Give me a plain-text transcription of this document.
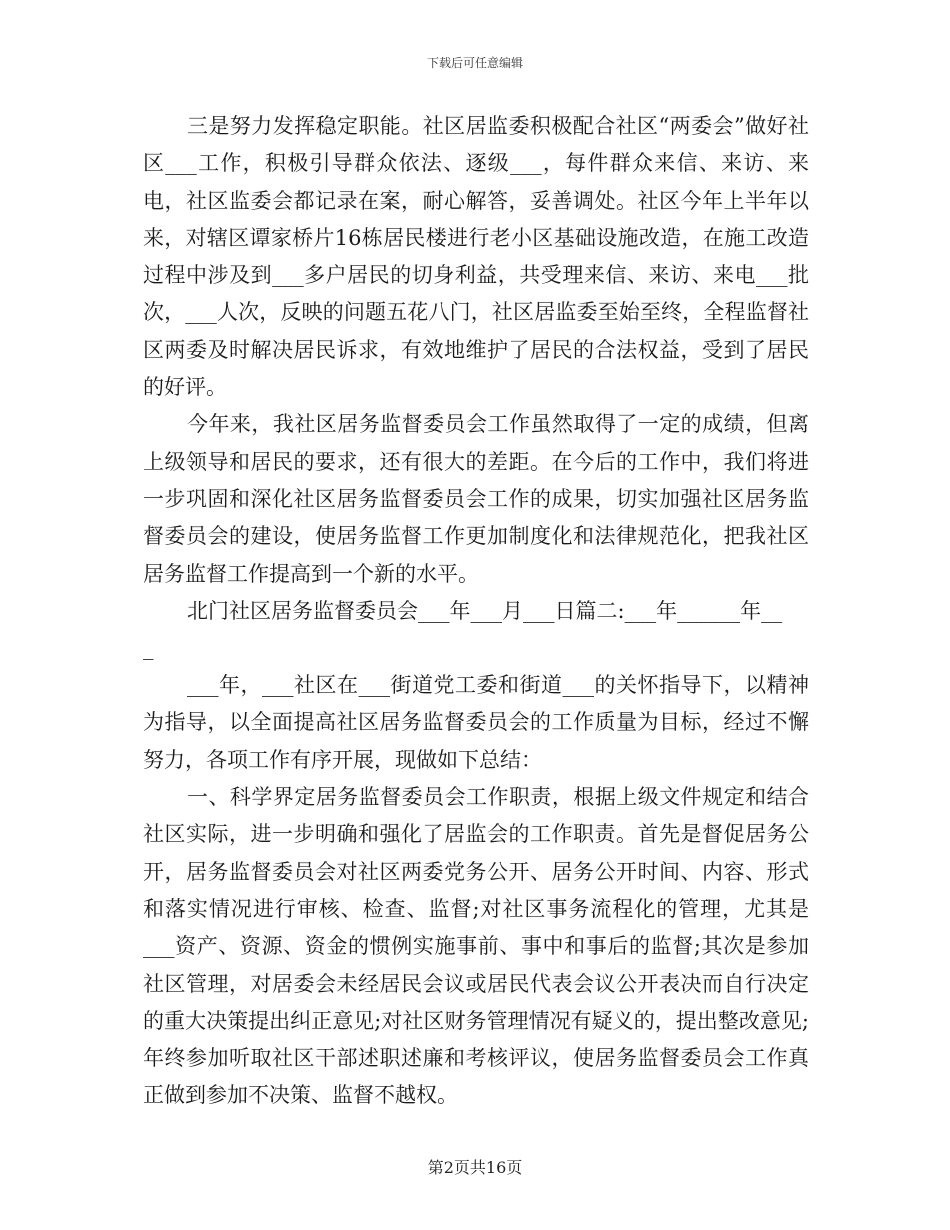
下载后可任意编辑

三是努力发挥稳定职能。社区居监委积极配合社区“两委会”做好社区___工作，积极引导群众依法、逐级___，每件群众来信、来访、来电，社区监委会都记录在案，耐心解答，妥善调处。社区今年上半年以来，对辖区谭家桥片16栋居民楼进行老小区基础设施改造，在施工改造过程中涉及到___多户居民的切身利益，共受理来信、来访、来电___批次，___人次，反映的问题五花八门，社区居监委至始至终，全程监督社区两委及时解决居民诉求，有效地维护了居民的合法权益，受到了居民的好评。

今年来，我社区居务监督委员会工作虽然取得了一定的成绩，但离上级领导和居民的要求，还有很大的差距。在今后的工作中，我们将进一步巩固和深化社区居务监督委员会工作的成果，切实加强社区居务监督委员会的建设，使居务监督工作更加制度化和法律规范化，把我社区居务监督工作提高到一个新的水平。

北门社区居务监督委员会___年___月___日篇二:___年______年__

_

___年，___社区在___街道党工委和街道___的关怀指导下，以精神为指导，以全面提高社区居务监督委员会的工作质量为目标，经过不懈努力，各项工作有序开展，现做如下总结：

一、科学界定居务监督委员会工作职责，根据上级文件规定和结合社区实际，进一步明确和强化了居监会的工作职责。首先是督促居务公开，居务监督委员会对社区两委党务公开、居务公开时间、内容、形式和落实情况进行审核、检查、监督;对社区事务流程化的管理，尤其是___资产、资源、资金的惯例实施事前、事中和事后的监督;其次是参加社区管理，对居委会未经居民会议或居民代表会议公开表决而自行决定的重大决策提出纠正意见;对社区财务管理情况有疑义的，提出整改意见;年终参加听取社区干部述职述廉和考核评议，使居务监督委员会工作真正做到参加不决策、监督不越权。

第2页共16页
